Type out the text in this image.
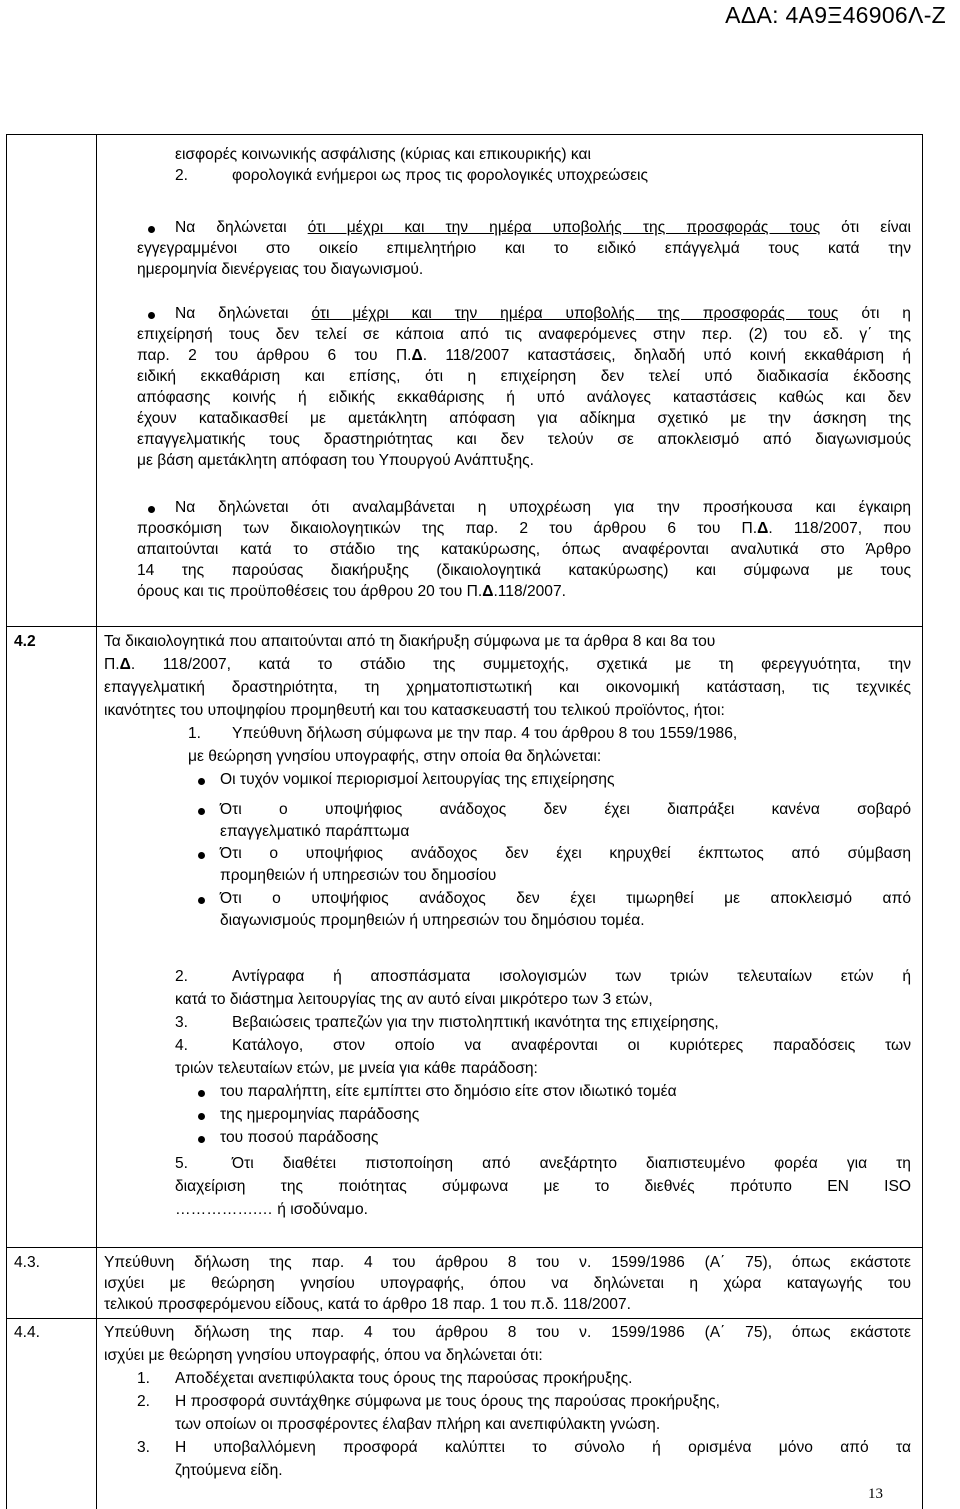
ΑΔΑ: 4Α9Ξ46906Λ-Ζ
εισφορές κοινωνικής ασφάλισης (κύριας και επικουρικής) και
2.	φορολογικά ενήμεροι ως προς τις φορολογικές υποχρεώσεις
Να δηλώνεται ότι μέχρι και την ημέρα υποβολής της προσφοράς τους ότι είναι
εγγεγραμμένοι στο οικείο επιμελητήριο και το ειδικό επάγγελμά τους κατά την
ημερομηνία διενέργειας του διαγωνισμού.
Να δηλώνεται ότι μέχρι και την ημέρα υποβολής της προσφοράς τους ότι η
επιχείρησή τους δεν τελεί σε κάποια από τις αναφερόμενες στην περ. (2) του εδ. γ΄ της
παρ. 2 του άρθρου 6 του Π.Δ. 118/2007 καταστάσεις, δηλαδή υπό κοινή εκκαθάριση ή
ειδική εκκαθάριση και επίσης, ότι η επιχείρηση δεν τελεί υπό διαδικασία έκδοσης
απόφασης κοινής ή ειδικής εκκαθάρισης ή υπό ανάλογες καταστάσεις καθώς και δεν
έχουν καταδικασθεί με αμετάκλητη απόφαση για αδίκημα σχετικό με την άσκηση της
επαγγελματικής τους δραστηριότητας και δεν τελούν σε αποκλεισμό από διαγωνισμούς
με βάση αμετάκλητη απόφαση του Υπουργού Ανάπτυξης.
Να δηλώνεται ότι αναλαμβάνεται η υποχρέωση για την προσήκουσα και έγκαιρη
προσκόμιση των δικαιολογητικών της παρ. 2 του άρθρου 6 του Π.Δ. 118/2007, που
απαιτούνται κατά το στάδιο της κατακύρωσης, όπως αναφέρονται αναλυτικά στο Άρθρο
14 της παρούσας διακήρυξης (δικαιολογητικά κατακύρωσης) και σύμφωνα με τους
όρους και τις προϋποθέσεις του άρθρου 20 του Π.Δ.118/2007.
4.2	Τα δικαιολογητικά που απαιτούνται από τη διακήρυξη σύμφωνα με τα άρθρα 8 και 8α του
Π.Δ. 118/2007, κατά το στάδιο της συμμετοχής, σχετικά με τη φερεγγυότητα, την
επαγγελματική δραστηριότητα, τη χρηματοπιστωτική και οικονομική κατάσταση, τις τεχνικές
ικανότητες του υποψηφίου προμηθευτή και του κατασκευαστή του τελικού προϊόντος, ήτοι:
1. Υπεύθυνη δήλωση σύμφωνα με την παρ. 4 του άρθρου 8 του 1559/1986,
με θεώρηση γνησίου υπογραφής, στην οποία θα δηλώνεται:
Οι τυχόν νομικοί περιορισμοί λειτουργίας της επιχείρησης
Ότι ο υποψήφιος ανάδοχος δεν έχει διαπράξει κανένα σοβαρό
επαγγελματικό παράπτωμα
Ότι ο υποψήφιος ανάδοχος δεν έχει κηρυχθεί έκπτωτος από σύμβαση
προμηθειών ή υπηρεσιών του δημοσίου
Ότι ο υποψήφιος ανάδοχος δεν έχει τιμωρηθεί με αποκλεισμό από
διαγωνισμούς προμηθειών ή υπηρεσιών του δημόσιου τομέα.
2.	Αντίγραφα ή αποσπάσματα ισολογισμών των τριών τελευταίων ετών ή
κατά το διάστημα λειτουργίας της αν αυτό είναι μικρότερο των 3 ετών,
3.	Βεβαιώσεις τραπεζών για την πιστοληπτική ικανότητα της επιχείρησης,
4.	Κατάλογο, στον οποίο να αναφέρονται οι κυριότερες παραδόσεις των
τριών τελευταίων ετών, με μνεία για κάθε παράδοση:
του παραλήπτη, είτε εμπίπτει στο δημόσιο είτε στον ιδιωτικό τομέα
της ημερομηνίας παράδοσης
του ποσού παράδοσης
5.	Ότι διαθέτει πιστοποίηση από ανεξάρτητο διαπιστευμένο φορέα για τη
διαχείριση της ποιότητας σύμφωνα με το διεθνές πρότυπο ΕΝ ISO
…………….… ή ισοδύναμο.
4.3.	Υπεύθυνη δήλωση της παρ. 4 του άρθρου 8 του ν. 1599/1986 (Α΄ 75), όπως εκάστοτε
ισχύει με θεώρηση γνησίου υπογραφής, όπου να δηλώνεται η χώρα καταγωγής του
τελικού προσφερόμενου είδους, κατά το άρθρο 18 παρ. 1 του π.δ. 118/2007.
4.4.	Υπεύθυνη δήλωση της παρ. 4 του άρθρου 8 του ν. 1599/1986 (Α΄ 75), όπως εκάστοτε
ισχύει με θεώρηση γνησίου υπογραφής, όπου να δηλώνεται ότι:
1. Αποδέχεται ανεπιφύλακτα τους όρους της παρούσας προκήρυξης.
2. Η προσφορά συντάχθηκε σύμφωνα με τους όρους της παρούσας προκήρυξης,
των οποίων οι προσφέροντες έλαβαν πλήρη και ανεπιφύλακτη γνώση.
3. Η υποβαλλόμενη προσφορά καλύπτει το σύνολο ή ορισμένα μόνο από τα
ζητούμενα είδη.
13
